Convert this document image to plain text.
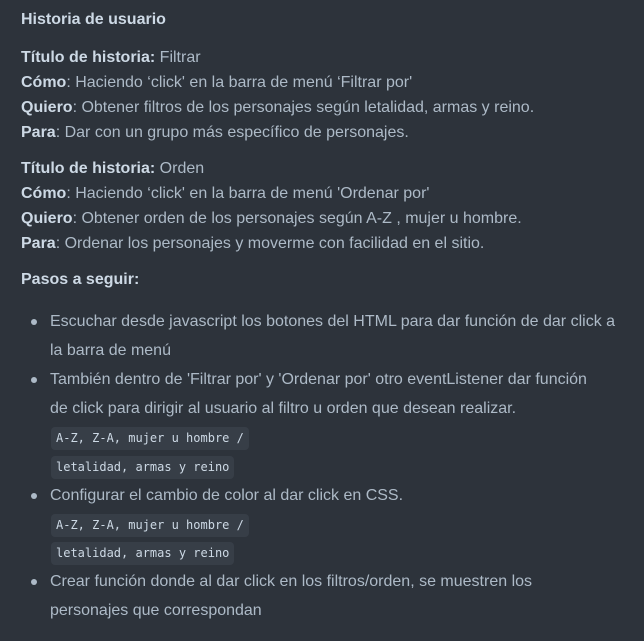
Historia de usuario
Título de historia: Filtrar
Cómo: Haciendo ‘click' en la barra de menú ‘Filtrar por'
Quiero: Obtener filtros de los personajes según letalidad, armas y reino.
Para: Dar con un grupo más específico de personajes.
Título de historia: Orden
Cómo: Haciendo ‘click' en la barra de menú 'Ordenar por'
Quiero: Obtener orden de los personajes según A-Z , mujer u hombre.
Para: Ordenar los personajes y moverme con facilidad en el sitio.
Pasos a seguir:
Escuchar desde javascript los botones del HTML para dar función de dar click a
la barra de menú
También dentro de 'Filtrar por' y 'Ordenar por' otro eventListener dar función
de click para dirigir al usuario al filtro u orden que desean realizar.
A-Z, Z-A, mujer u hombre /
letalidad, armas y reino
Configurar el cambio de color al dar click en CSS.
A-Z, Z-A, mujer u hombre /
letalidad, armas y reino
Crear función donde al dar click en los filtros/orden, se muestren los
personajes que correspondan
